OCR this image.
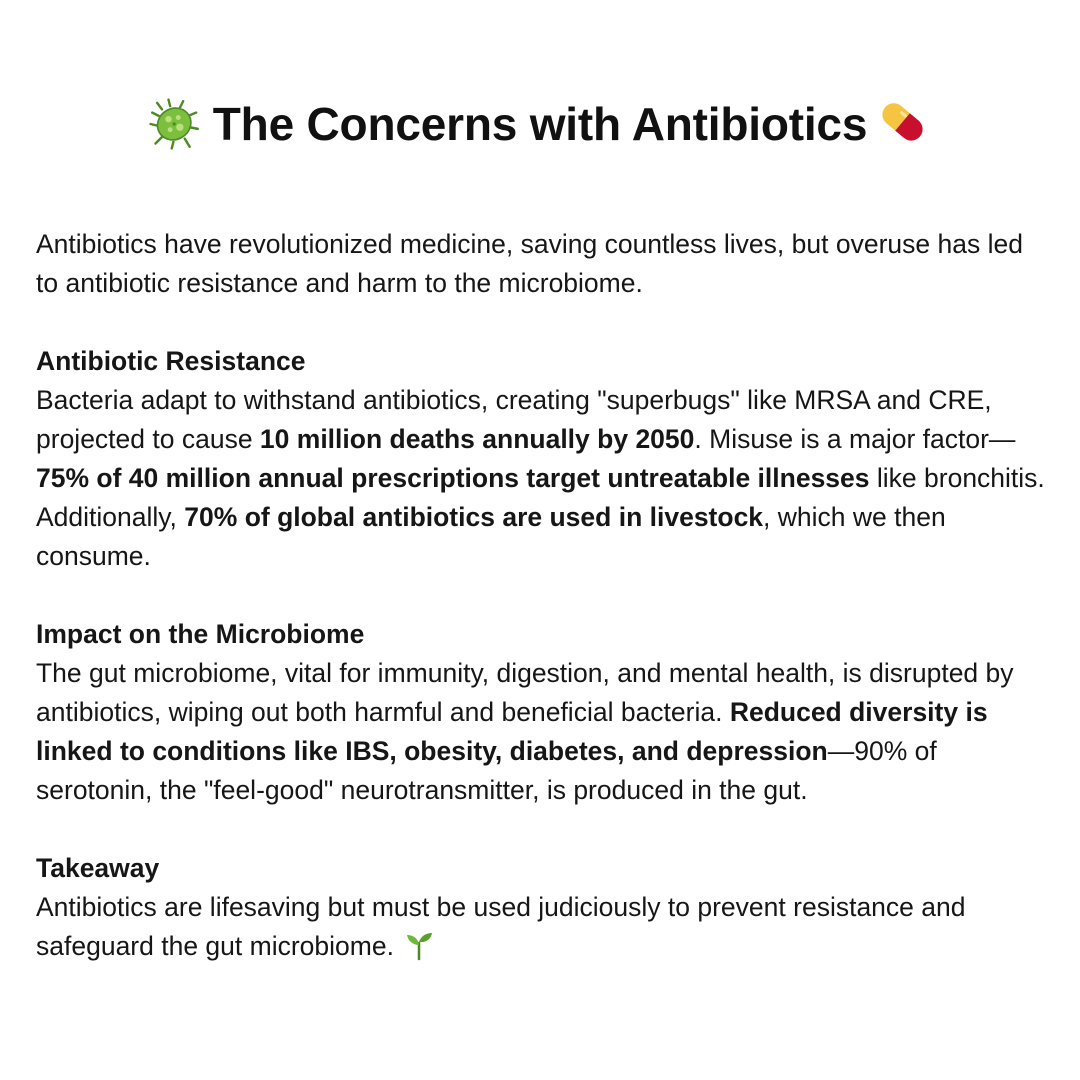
The Concerns with Antibiotics

Antibiotics have revolutionized medicine, saving countless lives, but overuse has led to antibiotic resistance and harm to the microbiome.

Antibiotic Resistance

Bacteria adapt to withstand antibiotics, creating "superbugs" like MRSA and CRE, projected to cause 10 million deaths annually by 2050. Misuse is a major factor—75% of 40 million annual prescriptions target untreatable illnesses like bronchitis. Additionally, 70% of global antibiotics are used in livestock, which we then consume.

Impact on the Microbiome

The gut microbiome, vital for immunity, digestion, and mental health, is disrupted by antibiotics, wiping out both harmful and beneficial bacteria. Reduced diversity is linked to conditions like IBS, obesity, diabetes, and depression—90% of serotonin, the "feel-good" neurotransmitter, is produced in the gut.

Takeaway

Antibiotics are lifesaving but must be used judiciously to prevent resistance and safeguard the gut microbiome.
